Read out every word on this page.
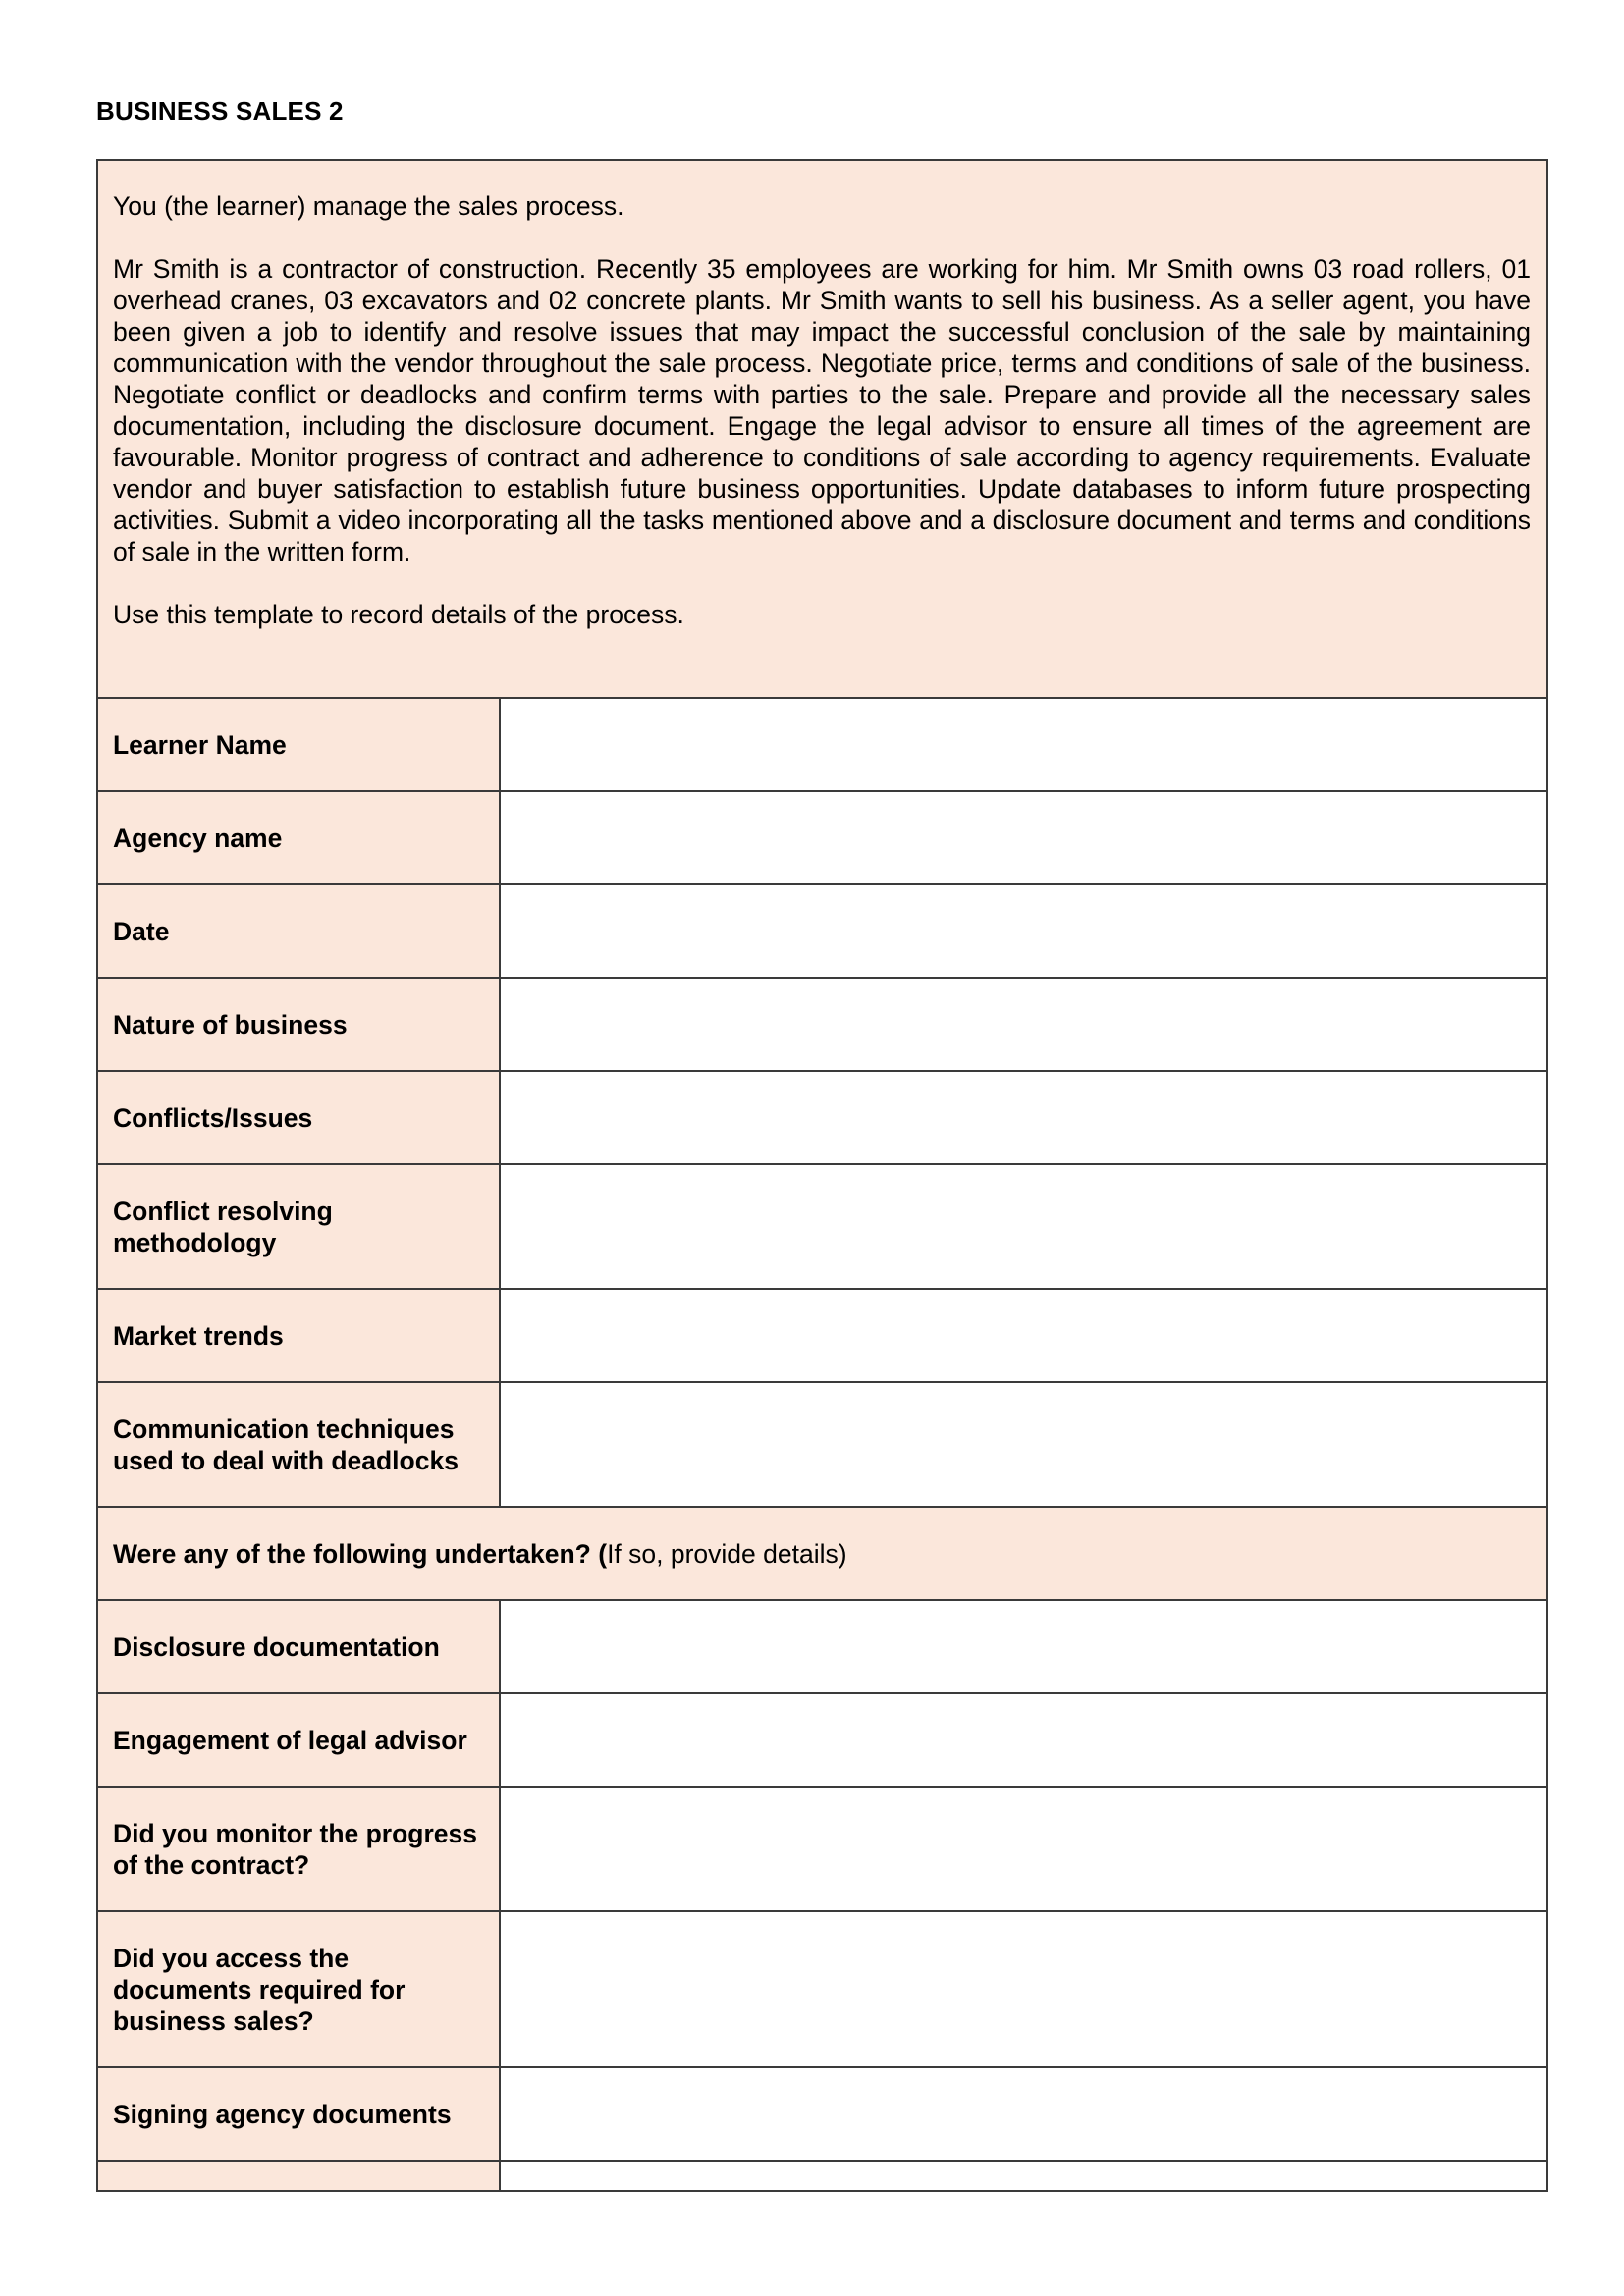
BUSINESS SALES 2

You (the learner) manage the sales process.

Mr Smith is a contractor of construction. Recently 35 employees are working for him. Mr Smith owns 03 road rollers, 01 overhead cranes, 03 excavators and 02 concrete plants. Mr Smith wants to sell his business. As a seller agent, you have been given a job to identify and resolve issues that may impact the successful conclusion of the sale by maintaining communication with the vendor throughout the sale process. Negotiate price, terms and conditions of sale of the business. Negotiate conflict or deadlocks and confirm terms with parties to the sale. Prepare and provide all the necessary sales documentation, including the disclosure document. Engage the legal advisor to ensure all times of the agreement are favourable. Monitor progress of contract and adherence to conditions of sale according to agency requirements. Evaluate vendor and buyer satisfaction to establish future business opportunities. Update databases to inform future prospecting activities. Submit a video incorporating all the tasks mentioned above and a disclosure document and terms and conditions of sale in the written form.

Use this template to record details of the process.	

Learner Name	
Agency name	
Date	
Nature of business	
Conflicts/Issues	
Conflict resolving methodology	
Market trends	
Communication techniques used to deal with deadlocks	
Were any of the following undertaken? (If so, provide details)	
Disclosure documentation	
Engagement of legal advisor	
Did you monitor the progress of the contract?	
Did you access the documents required for business sales?	
Signing agency documents	
